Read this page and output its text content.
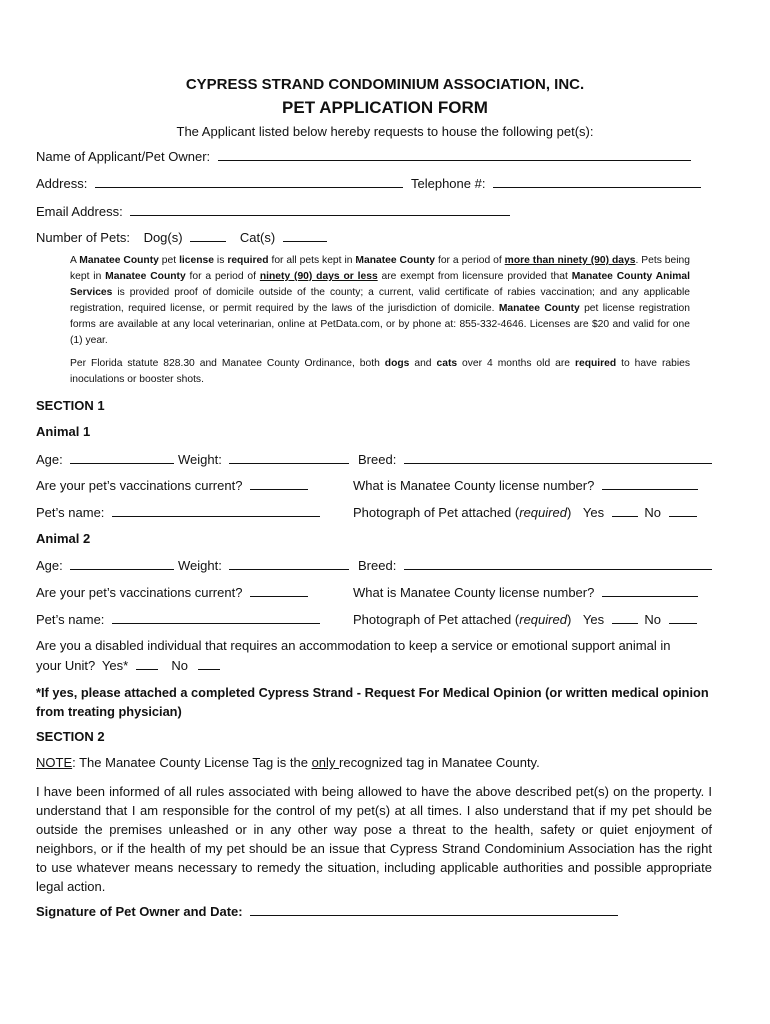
CYPRESS STRAND CONDOMINIUM ASSOCIATION, INC.
PET APPLICATION FORM
The Applicant listed below hereby requests to house the following pet(s):
Name of Applicant/Pet Owner:
Address:	Telephone #:
Email Address:
Number of Pets: Dog(s)	Cat(s)
A Manatee County pet license is required for all pets kept in Manatee County for a period of more than ninety (90) days. Pets being kept in Manatee County for a period of ninety (90) days or less are exempt from licensure provided that Manatee County Animal Services is provided proof of domicile outside of the county; a current, valid certificate of rabies vaccination; and any applicable registration, required license, or permit required by the laws of the jurisdiction of domicile. Manatee County pet license registration forms are available at any local veterinarian, online at PetData.com, or by phone at: 855-332-4646. Licenses are $20 and valid for one (1) year.
Per Florida statute 828.30 and Manatee County Ordinance, both dogs and cats over 4 months old are required to have rabies inoculations or booster shots.
SECTION 1
Animal 1
Age:	Weight:	Breed:
Are your pet’s vaccinations current?	What is Manatee County license number?
Pet’s name:	Photograph of Pet attached (required) Yes	No
Animal 2
Age:	Weight:	Breed:
Are your pet’s vaccinations current?	What is Manatee County license number?
Pet’s name:	Photograph of Pet attached (required) Yes	No
Are you a disabled individual that requires an accommodation to keep a service or emotional support animal in
your Unit? Yes*	No
*If yes, please attached a completed Cypress Strand - Request For Medical Opinion (or written medical opinion from treating physician)
SECTION 2
NOTE: The Manatee County License Tag is the only recognized tag in Manatee County.
I have been informed of all rules associated with being allowed to have the above described pet(s) on the property. I understand that I am responsible for the control of my pet(s) at all times. I also understand that if my pet should be outside the premises unleashed or in any other way pose a threat to the health, safety or quiet enjoyment of neighbors, or if the health of my pet should be an issue that Cypress Strand Condominium Association has the right to use whatever means necessary to remedy the situation, including applicable authorities and possible appropriate legal action.
Signature of Pet Owner and Date:
